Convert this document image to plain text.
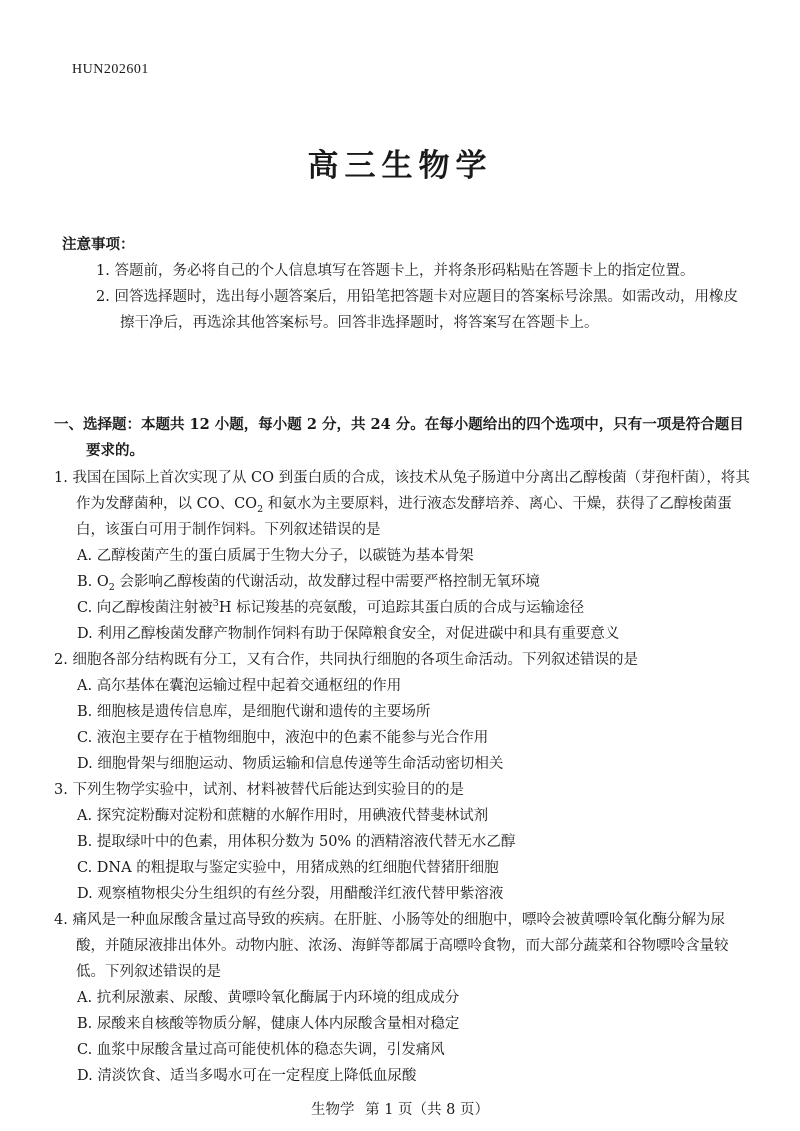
HUN202601
高三生物学
注意事项：
1. 答题前，务必将自己的个人信息填写在答题卡上，并将条形码粘贴在答题卡上的指定位置。
2. 回答选择题时，选出每小题答案后，用铅笔把答题卡对应题目的答案标号涂黑。如需改动，用橡皮擦干净后，再选涂其他答案标号。回答非选择题时，将答案写在答题卡上。
一、选择题：本题共 12 小题，每小题 2 分，共 24 分。在每小题给出的四个选项中，只有一项是符合题目要求的。
1. 我国在国际上首次实现了从 CO 到蛋白质的合成，该技术从兔子肠道中分离出乙醇梭菌（芽孢杆菌），将其作为发酵菌种，以 CO、$CO_2$ 和氨水为主要原料，进行液态发酵培养、离心、干燥，获得了乙醇梭菌蛋白，该蛋白可用于制作饲料。下列叙述错误的是
A. 乙醇梭菌产生的蛋白质属于生物大分子，以碳链为基本骨架
B. $O_2$ 会影响乙醇梭菌的代谢活动，故发酵过程中需要严格控制无氧环境
C. 向乙醇梭菌注射被$^3$H 标记羧基的亮氨酸，可追踪其蛋白质的合成与运输途径
D. 利用乙醇梭菌发酵产物制作饲料有助于保障粮食安全，对促进碳中和具有重要意义
2. 细胞各部分结构既有分工，又有合作，共同执行细胞的各项生命活动。下列叙述错误的是
A. 高尔基体在囊泡运输过程中起着交通枢纽的作用
B. 细胞核是遗传信息库，是细胞代谢和遗传的主要场所
C. 液泡主要存在于植物细胞中，液泡中的色素不能参与光合作用
D. 细胞骨架与细胞运动、物质运输和信息传递等生命活动密切相关
3. 下列生物学实验中，试剂、材料被替代后能达到实验目的的是
A. 探究淀粉酶对淀粉和蔗糖的水解作用时，用碘液代替斐林试剂
B. 提取绿叶中的色素，用体积分数为 50% 的酒精溶液代替无水乙醇
C. DNA 的粗提取与鉴定实验中，用猪成熟的红细胞代替猪肝细胞
D. 观察植物根尖分生组织的有丝分裂，用醋酸洋红液代替甲紫溶液
4. 痛风是一种血尿酸含量过高导致的疾病。在肝脏、小肠等处的细胞中，嘌呤会被黄嘌呤氧化酶分解为尿酸，并随尿液排出体外。动物内脏、浓汤、海鲜等都属于高嘌呤食物，而大部分蔬菜和谷物嘌呤含量较低。下列叙述错误的是
A. 抗利尿激素、尿酸、黄嘌呤氧化酶属于内环境的组成成分
B. 尿酸来自核酸等物质分解，健康人体内尿酸含量相对稳定
C. 血浆中尿酸含量过高可能使机体的稳态失调，引发痛风
D. 清淡饮食、适当多喝水可在一定程度上降低血尿酸
生物学 第 1 页（共 8 页）
